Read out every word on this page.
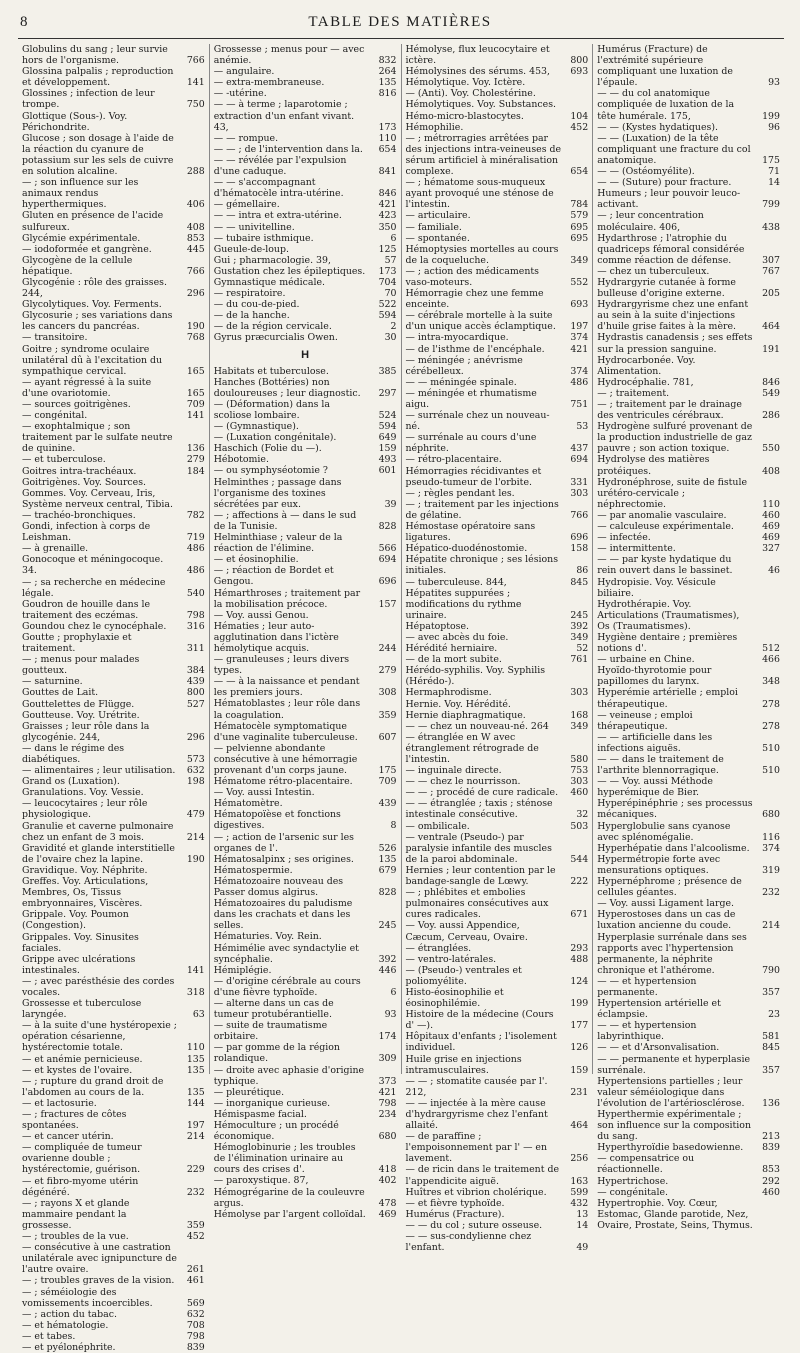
8	TABLE DES MATIÈRES
Globulins du sang ; leur survie hors de l'organisme.	766
Glossina palpalis ; reproduction et développement.	141
Glossines ; infection de leur trompe.	750
Glottique (Sous-). Voy. Périchondrite.
Glucose ; son dosage à l'aide de la réaction du cyanure de potassium sur les sels de cuivre en solution alcaline.	288
— ; son influence sur les animaux rendus hyperthermiques.	406
Gluten en présence de l'acide sulfureux.	408
Glycémie expérimentale.	853
— iodoformée et gangrène.	445
Glycogène de la cellule hépatique.	766
Glycogénie : rôle des graisses. 244,	296
Glycolytiques. Voy. Ferments.
Glycosurie ; ses variations dans les cancers du pancréas.	190
— transitoire.	768
Goitre ; syndrome oculaire unilatéral dû à l'excitation du sympathique cervical.	165
— ayant régressé à la suite d'une ovariotomie.	165
— sources goitrigènes.	709
— congénital.	141
— exophtalmique ; son traitement par le sulfate neutre de quinine.	136
— et tuberculose.	279
Goitres intra-trachéaux.	184
Goitrigènes. Voy. Sources.
Gommes. Voy. Cerveau, Iris, Système nerveux central, Tibia.
— trachéo-bronchiques.	782
Gondi, infection à corps de Leishman.	719
— à grenaille.	486
Gonocoque et méningocoque. 34.	486
— ; sa recherche en médecine légale.	540
Goudron de houille dans le traitement des eczémas.	798
Goundou chez le cynocéphale.	316
Goutte ; prophylaxie et traitement.	311
— ; menus pour malades goutteux.	384
— saturnine.	439
Gouttes de Lait.	800
Gouttelettes de Flügge.	527
Goutteuse. Voy. Urétrite.
Graisses ; leur rôle dans la glycogénie. 244,	296
— dans le régime des diabétiques.	573
— alimentaires ; leur utilisation.	632
Grand os (Luxation).	198
Granulations. Voy. Vessie.
— leucocytaires ; leur rôle physiologique.	479
Granulie et caverne pulmonaire chez un enfant de 3 mois.	214
Gravidité et glande interstitielle de l'ovaire chez la lapine.	190
Gravidique. Voy. Néphrite.
Greffes. Voy. Articulations, Membres, Os, Tissus embryonnaires, Viscères.
Grippale. Voy. Poumon (Congestion).
Grippales. Voy. Sinusites faciales.
Grippe avec ulcérations intestinales.	141
— ; avec parésthésie des cordes vocales.	318
Grossesse et tuberculose laryngée.	63
— à la suite d'une hystéropexie ; opération césarienne, hystérectomie totale.	110
— et anémie pernicieuse.	135
— et kystes de l'ovaire.	135
— ; rupture du grand droit de l'abdomen au cours de la.	135
— et lactosurie.	144
— ; fractures de côtes spontanées.	197
— et cancer utérin.	214
— compliquée de tumeur ovarienne double ; hystérectomie, guérison.	229
— et fibro-myome utérin dégénéré.	232
— ; rayons X et glande mammaire pendant la grossesse.	359
— ; troubles de la vue.	452
— consécutive à une castration unilatérale avec ignipuncture de l'autre ovaire.	261
— ; troubles graves de la vision.	461
— ; séméiologie des vomissements incoercibles.	569
— ; action du tabac.	632
— et hématologie.	708
— et tabes.	798
— et pyélonéphrite.	839
Grossesse ; menus pour — avec anémie.	832
— angulaire.	264
— extra-membraneuse.	135
— -utérine.	816
— — à terme ; laparotomie ; extraction d'un enfant vivant. 43,	173
— — rompue.	110
— — ; de l'intervention dans la.	654
— — révélée par l'expulsion d'une caduque.	841
— — s'accompagnant d'hématocèle intra-utérine.	846
— gémellaire.	421
— — intra et extra-utérine.	423
— — univitelline.	350
— tubaire isthmique.	6
Gueule-de-loup.	125
Gui ; pharmacologie. 39,	57
Gustation chez les épileptiques.	173
Gymnastique médicale.	704
— respiratoire.	70
— du cou-de-pied.	522
— de la hanche.	594
— de la région cervicale.	2
Gyrus præcurcialis Owen.	30
H
Habitats et tuberculose.	385
Hanches (Bottéries) non douloureuses ; leur diagnostic.	297
— (Déformation) dans la scoliose lombaire.	524
— (Gymnastique).	594
— (Luxation congénitale).	649
Haschich (Folie du —).	159
Hébotomie.	493
— ou symphyséotomie ?	601
Helminthes ; passage dans l'organisme des toxines sécrétées par eux.	39
— ; affections à — dans le sud de la Tunisie.	828
Helminthiase ; valeur de la réaction de l'élimine.	566
— et éosinophilie.	694
— ; réaction de Bordet et Gengou.	696
Hémarthroses ; traitement par la mobilisation précoce.	157
— Voy. aussi Genou.
Hématies ; leur auto-agglutination dans l'ictère hémolytique acquis.	244
— granuleuses ; leurs divers types.	279
— — à la naissance et pendant les premiers jours.	308
Hématoblastes ; leur rôle dans la coagulation.	359
Hématocèle symptomatique d'une vaginalite tuberculeuse.	607
— pelvienne abondante consécutive à une hémorragie provenant d'un corps jaune.	175
Hématome rétro-placentaire.	709
— Voy. aussi Intestin.
Hématomètre.	439
Hématopoïèse et fonctions digestives.	8
— ; action de l'arsenic sur les organes de l'.	526
Hématosalpinx ; ses origines.	135
Hématospermie.	679
Hématozoaire nouveau des Passer domus algirus.	828
Hématozoaires du paludisme dans les crachats et dans les selles.	245
Hématuries. Voy. Rein.
Hémimélie avec syndactylie et syncéphalie.	392
Hémiplégie.	446
— d'origine cérébrale au cours d'une fièvre typhoïde.	6
— alterne dans un cas de tumeur protubérantielle.	93
— suite de traumatisme orbitaire.	174
— par gomme de la région rolandique.	309
— droite avec aphasie d'origine typhique.	373
— pleurétique.	421
— inorganique curieuse.	798
Hémispasme facial.	234
Hémoculture ; un procédé économique.	680
Hémoglobinurie ; les troubles de l'élimination urinaire au cours des crises d'.	418
— paroxystique. 87,	402
Hémogrégarine de la couleuvre argus.	478
Hémolyse par l'argent colloïdal.	469
Hémolyse, flux leucocytaire et ictère.	800
Hémolysines des sérums. 453,	693
Hémolytique. Voy. Ictère.
— (Anti). Voy. Cholestérine.
Hémolytiques. Voy. Substances.
Hémo-micro-blastocytes.	104
Hémophilie.	452
— ; métrorragies arrêtées par des injections intra-veineuses de sérum artificiel à minéralisation complexe.	654
— ; hématome sous-muqueux ayant provoqué une sténose de l'intestin.	784
— articulaire.	579
— familiale.	695
— spontanée.	695
Hémoptysies mortelles au cours de la coqueluche.	349
— ; action des médicaments vaso-moteurs.	552
Hémorragie chez une femme enceinte.	693
— cérébrale mortelle à la suite d'un unique accès éclamptique.	197
— intra-myocardique.	374
— de l'isthme de l'encéphale.	421
— méningée ; anévrisme cérébelleux.	374
— — méningée spinale.	486
— méningée et rhumatisme aigu.	751
— surrénale chez un nouveau-né.	53
— surrénale au cours d'une néphrite.	437
— rétro-placentaire.	694
Hémorragies récidivantes et pseudo-tumeur de l'orbite.	331
— ; règles pendant les.	303
— ; traitement par les injections de gélatine.	766
Hémostase opératoire sans ligatures.	696
Hépatico-duodénostomie.	158
Hépatite chronique ; ses lésions initiales.	86
— tuberculeuse. 844,	845
Hépatites suppurées ; modifications du rythme urinaire.	245
Hépatoptose.	392
— avec abcès du foie.	349
Hérédité herniaire.	52
— de la mort subite.	761
Hérédo-syphilis. Voy. Syphilis (Hérédo-).
Hermaphrodisme.	303
Hernie. Voy. Hérédité.
Hernie diaphragmatique.	168
— — chez un nouveau-né. 264	349
— étranglée en W avec étranglement rétrograde de l'intestin.	580
— inguinale directe.	753
— — chez le nourrisson.	303
— — ; procédé de cure radicale.	460
— — étranglée ; taxis ; sténose intestinale consécutive.	32
— ombilicale.	503
— ventrale (Pseudo-) par paralysie infantile des muscles de la paroi abdominale.	544
Hernies ; leur contention par le bandage-sangle de Lœwy.	222
— ; phlébites et embolies pulmonaires consécutives aux cures radicales.	671
— Voy. aussi Appendice, Cæcum, Cerveau, Ovaire.
— étranglées.	293
— ventro-latérales.	488
— (Pseudo-) ventrales et poliomyélite.	124
Histo-éosinophilie et éosinophilémie.	199
Histoire de la médecine (Cours d' —).	177
Hôpitaux d'enfants ; l'isolement individuel.	126
Huile grise en injections intramusculaires.	159
— — ; stomatite causée par l'. 212,	231
— — injectée à la mère cause d'hydrargyrisme chez l'enfant allaité.	464
— de paraffine ; l'empoisonnement par l' — en lavement.	256
— de ricin dans le traitement de l'appendicite aiguë.	163
Huîtres et vibrion cholérique.	599
— et fièvre typhoïde.	432
Humérus (Fracture).	13
— — du col ; suture osseuse.	14
— — sus-condylienne chez l'enfant.	49
Humérus (Fracture) de l'extrémité supérieure compliquant une luxation de l'épaule.	93
— — du col anatomique compliquée de luxation de la tête humérale. 175,	199
— — (Kystes hydatiques).	96
— — (Luxation) de la tête compliquant une fracture du col anatomique.	175
— — (Ostéomyélite).	71
— — (Suture) pour fracture.	14
Humeurs ; leur pouvoir leuco-activant.	799
— ; leur concentration moléculaire. 406,	438
Hydarthrose ; l'atrophie du quadriceps fémoral considérée comme réaction de défense.	307
— chez un tuberculeux.	767
Hydrargyrie cutanée à forme bulleuse d'origine externe.	205
Hydrargyrisme chez une enfant au sein à la suite d'injections d'huile grise faites à la mère.	464
Hydrastis canadensis ; ses effets sur la pression sanguine.	191
Hydrocarbonée. Voy. Alimentation.
Hydrocéphalie. 781,	846
— ; traitement.	549
— ; traitement par le drainage des ventricules cérébraux.	286
Hydrogène sulfuré provenant de la production industrielle de gaz pauvre ; son action toxique.	550
Hydrolyse des matières protéiques.	408
Hydronéphrose, suite de fistule urétéro-cervicale ; néphrectomie.	110
— par anomalie vasculaire.	460
— calculeuse expérimentale.	469
— infectée.	469
— intermittente.	327
— — par kyste hydatique du rein ouvert dans le bassinet.	46
Hydropisie. Voy. Vésicule biliaire.
Hydrothérapie. Voy. Articulations (Traumatismes), Os (Traumatismes).
Hygiène dentaire ; premières notions d'.	512
— urbaine en Chine.	466
Hyoïdo-thyrotomie pour papillomes du larynx.	348
Hyperémie artérielle ; emploi thérapeutique.	278
— veineuse ; emploi thérapeutique.	278
— — artificielle dans les infections aiguës.	510
— — dans le traitement de l'arthrite blennorragique.	510
— — Voy. aussi Méthode hyperémique de Bier.
Hyperépinéphrie ; ses processus mécaniques.	680
Hyperglobulie sans cyanose avec splénomégalie.	116
Hyperhépatie dans l'alcoolisme.	374
Hypermétropie forte avec mensurations optiques.	319
Hypernéphrome ; présence de cellules géantes.	232
— Voy. aussi Ligament large.
Hyperostoses dans un cas de luxation ancienne du coude.	214
Hyperplasie surrénale dans ses rapports avec l'hypertension permanente, la néphrite chronique et l'athérome.	790
— — et hypertension permanente.	357
Hypertension artérielle et éclampsie.	23
— — et hypertension labyrinthique.	581
— — et d'Arsonvalisation.	845
— — permanente et hyperplasie surrénale.	357
Hypertensions partielles ; leur valeur séméiologique dans l'évolution de l'artériosclérose.	136
Hyperthermie expérimentale ; son influence sur la composition du sang.	213
Hyperthyroïdie basedowienne.	839
— compensatrice ou réactionnelle.	853
Hypertrichose.	292
— congénitale.	460
Hypertrophie. Voy. Cœur, Estomac, Glande parotide, Nez, Ovaire, Prostate, Seins, Thymus.
